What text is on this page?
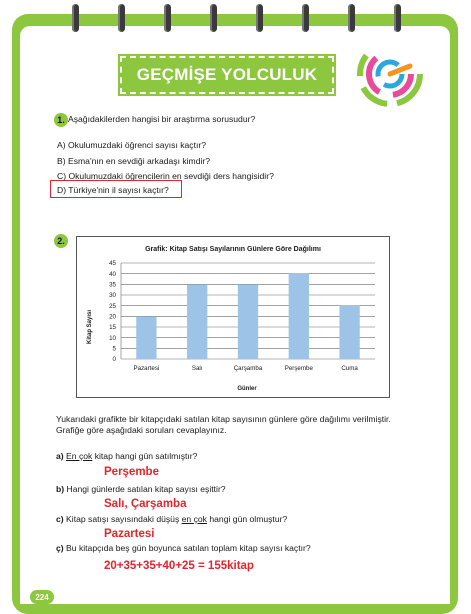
GEÇMİŞE YOLCULUK
1. Aşağıdakilerden hangisi bir araştırma sorusudur?
A) Okulumuzdaki öğrenci sayısı kaçtır?
B) Esma'nın en sevdiği arkadaşı kimdir?
C) Okulumuzdaki öğrencilerin en sevdiği ders hangisidir?
D) Türkiye'nin il sayısı kaçtır?
2.
Grafik: Kitap Satışı Sayılarının Günlere Göre Dağılımı
Kitap Sayısı
Günler
0
5
10
15
20
25
30
35
40
45
Pazartesi	Salı	Çarşamba	Perşembe	Cuma
Yukarıdaki grafikte bir kitapçıdaki satılan kitap sayısının günlere göre dağılımı verilmiştir.
Grafiğe göre aşağıdaki soruları cevaplayınız.
a) En çok kitap hangi gün satılmıştır?
Perşembe
b) Hangi günlerde satılan kitap sayısı eşittir?
Salı, Çarşamba
c) Kitap satışı sayısındaki düşüş en çok hangi gün olmuştur?
Pazartesi
ç) Bu kitapçıda beş gün boyunca satılan toplam kitap sayısı kaçtır?
20+35+35+40+25 = 155kitap
224
